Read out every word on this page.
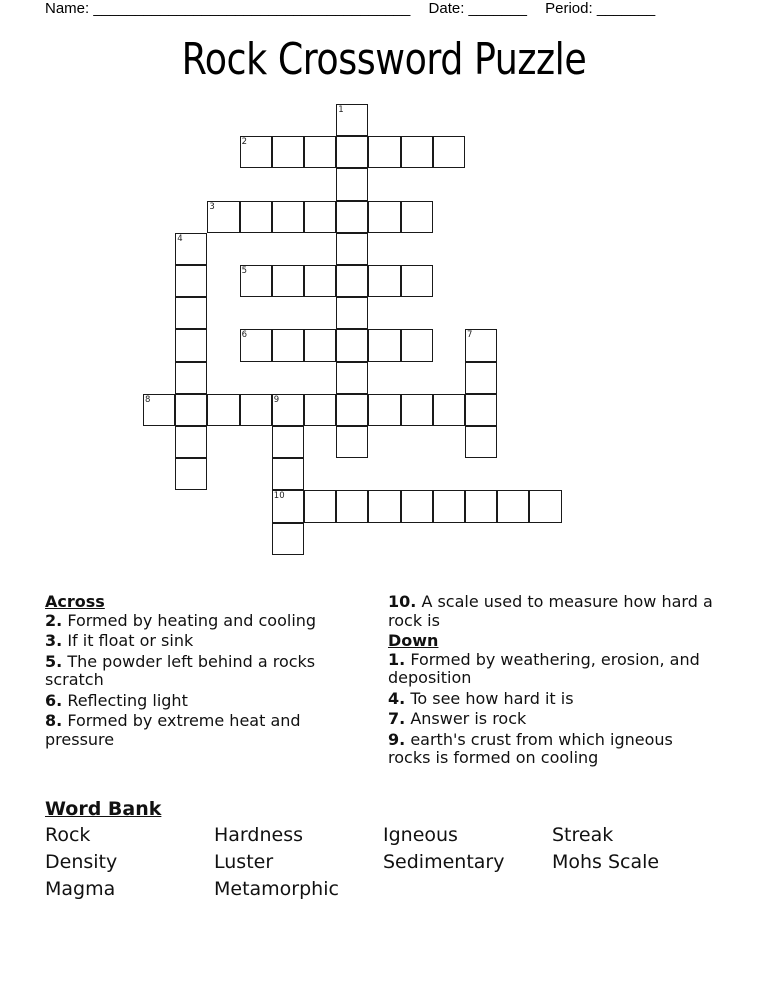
Name: ______________________________________ Date: _______ Period: _______
Rock Crossword Puzzle
1
2
3
4
5
6	7
8	9
10
Across
2. Formed by heating and cooling
3. If it float or sink
5. The powder left behind a rocks scratch
6. Reflecting light
8. Formed by extreme heat and pressure
10. A scale used to measure how hard a rock is
Down
1. Formed by weathering, erosion, and deposition
4. To see how hard it is
7. Answer is rock
9. earth's crust from which igneous rocks is formed on cooling
Word Bank
Rock	Hardness	Igneous	Streak
Density	Luster	Sedimentary	Mohs Scale
Magma	Metamorphic
